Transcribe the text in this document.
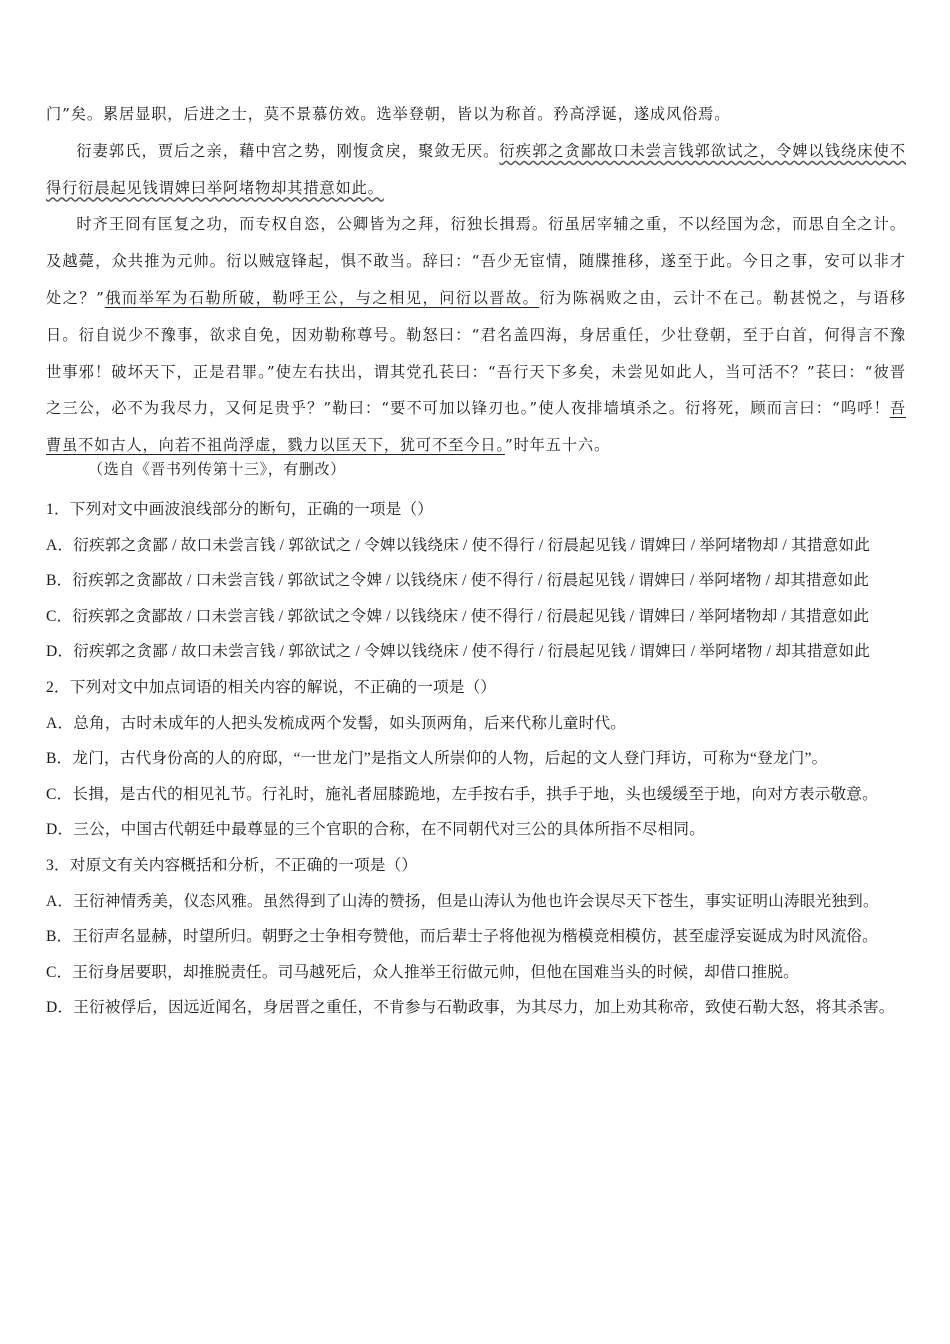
门”矣。累居显职，后进之士，莫不景慕仿效。选举登朝，皆以为称首。矜高浮诞，遂成风俗焉。

衍妻郭氏，贾后之亲，藉中宫之势，刚愎贪戾，聚敛无厌。衍疾郭之贪鄙故口未尝言钱郭欲试之，令婢以钱绕床使不得行衍晨起见钱谓婢曰举阿堵物却其措意如此。

时齐王冏有匡复之功，而专权自恣，公卿皆为之拜，衍独长揖焉。衍虽居宰辅之重，不以经国为念，而思自全之计。及越薨，众共推为元帅。衍以贼寇锋起，惧不敢当。辞曰：“吾少无宦情，随牒推移，遂至于此。今日之事，安可以非才处之？”俄而举军为石勒所破，勒呼王公，与之相见，问衍以晋故。衍为陈祸败之由，云计不在己。勒甚悦之，与语移日。衍自说少不豫事，欲求自免，因劝勒称尊号。勒怒曰：“君名盖四海，身居重任，少壮登朝，至于白首，何得言不豫世事邪！破坏天下，正是君罪。”使左右扶出，谓其党孔苌曰：“吾行天下多矣，未尝见如此人，当可活不？”苌曰：“彼晋之三公，必不为我尽力，又何足贵乎？”勒曰：“要不可加以锋刃也。”使人夜排墙填杀之。衍将死，顾而言曰：“呜呼！吾曹虽不如古人，向若不祖尚浮虚，戮力以匡天下，犹可不至今日。”时年五十六。

（选自《晋书列传第十三》，有删改）

1．下列对文中画波浪线部分的断句，正确的一项是（）

A．衍疾郭之贪鄙 / 故口未尝言钱 / 郭欲试之 / 令婢以钱绕床 / 使不得行 / 衍晨起见钱 / 谓婢曰 / 举阿堵物却 / 其措意如此

B．衍疾郭之贪鄙故 / 口未尝言钱 / 郭欲试之令婢 / 以钱绕床 / 使不得行 / 衍晨起见钱 / 谓婢曰 / 举阿堵物 / 却其措意如此

C．衍疾郭之贪鄙故 / 口未尝言钱 / 郭欲试之令婢 / 以钱绕床 / 使不得行 / 衍晨起见钱 / 谓婢曰 / 举阿堵物却 / 其措意如此

D．衍疾郭之贪鄙 / 故口未尝言钱 / 郭欲试之 / 令婢以钱绕床 / 使不得行 / 衍晨起见钱 / 谓婢曰 / 举阿堵物 / 却其措意如此

2．下列对文中加点词语的相关内容的解说，不正确的一项是（）

A．总角，古时未成年的人把头发梳成两个发髻，如头顶两角，后来代称儿童时代。

B．龙门，古代身份高的人的府邸，“一世龙门”是指文人所崇仰的人物，后起的文人登门拜访，可称为“登龙门”。

C．长揖，是古代的相见礼节。行礼时，施礼者屈膝跪地，左手按右手，拱手于地，头也缓缓至于地，向对方表示敬意。

D．三公，中国古代朝廷中最尊显的三个官职的合称，在不同朝代对三公的具体所指不尽相同。

3．对原文有关内容概括和分析，不正确的一项是（）

A．王衍神情秀美，仪态风雅。虽然得到了山涛的赞扬，但是山涛认为他也许会误尽天下苍生，事实证明山涛眼光独到。

B．王衍声名显赫，时望所归。朝野之士争相夸赞他，而后辈士子将他视为楷模竞相模仿，甚至虚浮妄诞成为时风流俗。

C．王衍身居要职，却推脱责任。司马越死后，众人推举王衍做元帅，但他在国难当头的时候，却借口推脱。

D．王衍被俘后，因远近闻名，身居晋之重任，不肯参与石勒政事，为其尽力，加上劝其称帝，致使石勒大怒，将其杀害。
